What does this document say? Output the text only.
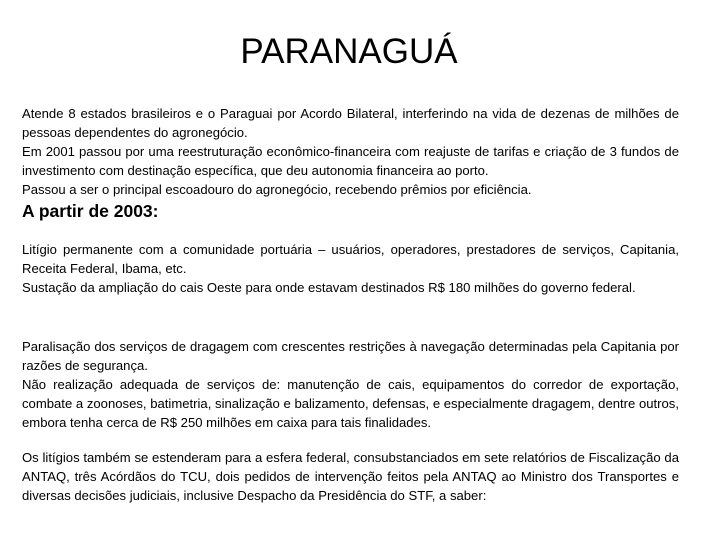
PARANAGUÁ

Atende 8 estados brasileiros e o Paraguai por Acordo Bilateral, interferindo na vida de dezenas de milhões de pessoas dependentes do agronegócio.

Em 2001 passou por uma reestruturação econômico-financeira com reajuste de tarifas e criação de 3 fundos de investimento com destinação específica, que deu autonomia financeira ao porto.

Passou a ser o principal escoadouro do agronegócio, recebendo prêmios por eficiência.

A partir de 2003:

Litígio permanente com a comunidade portuária – usuários, operadores, prestadores de serviços, Capitania, Receita Federal, Ibama, etc.

Sustação da ampliação do cais Oeste para onde estavam destinados R$ 180 milhões do governo federal.

Paralisação dos serviços de dragagem com crescentes restrições à navegação determinadas pela Capitania por razões de segurança.

Não realização adequada de serviços de: manutenção de cais, equipamentos do corredor de exportação, combate a zoonoses, batimetria, sinalização e balizamento, defensas, e especialmente dragagem, dentre outros, embora tenha cerca de R$ 250 milhões em caixa para tais finalidades.

Os litígios também se estenderam para a esfera federal, consubstanciados em sete relatórios de Fiscalização da ANTAQ, três Acórdãos do TCU, dois pedidos de intervenção feitos pela ANTAQ ao Ministro dos Transportes e diversas decisões judiciais, inclusive Despacho da Presidência do STF, a saber:
